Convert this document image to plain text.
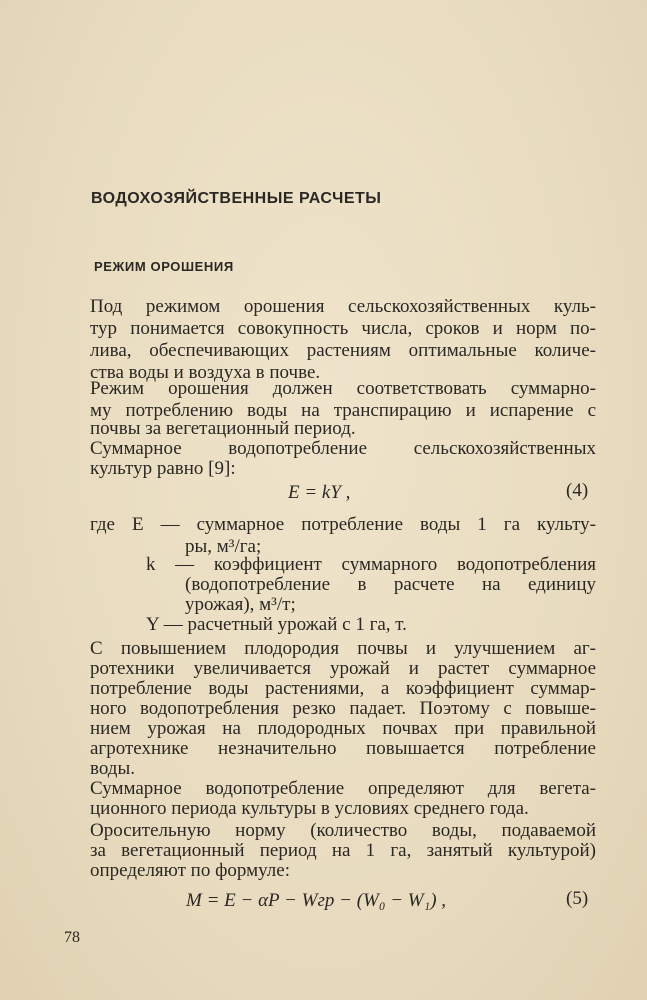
ВОДОХОЗЯЙСТВЕННЫЕ РАСЧЕТЫ
РЕЖИМ ОРОШЕНИЯ
Под режимом орошения сельскохозяйственных куль-
тур понимается совокупность числа, сроков и норм по-
лива, обеспечивающих растениям оптимальные количе-
ства воды и воздуха в почве.
Режим орошения должен соответствовать суммарно-
му потреблению воды на транспирацию и испарение с
почвы за вегетационный период.
Суммарное водопотребление сельскохозяйственных
культур равно [9]:
E = kY ,	(4)
где E — суммарное потребление воды 1 га культу-
ры, м³/га;
k — коэффициент суммарного водопотребления
(водопотребление в расчете на единицу
урожая), м³/т;
Y — расчетный урожай с 1 га, т.
С повышением плодородия почвы и улучшением аг-
ротехники увеличивается урожай и растет суммарное
потребление воды растениями, а коэффициент суммар-
ного водопотребления резко падает. Поэтому с повыше-
нием урожая на плодородных почвах при правильной
агротехнике незначительно повышается потребление
воды.
Суммарное водопотребление определяют для вегета-
ционного периода культуры в условиях среднего года.
Оросительную норму (количество воды, подаваемой
за вегетационный период на 1 га, занятый культурой)
определяют по формуле:
M = E − αP − Wгр − (W₀ − W₁) ,	(5)
78
